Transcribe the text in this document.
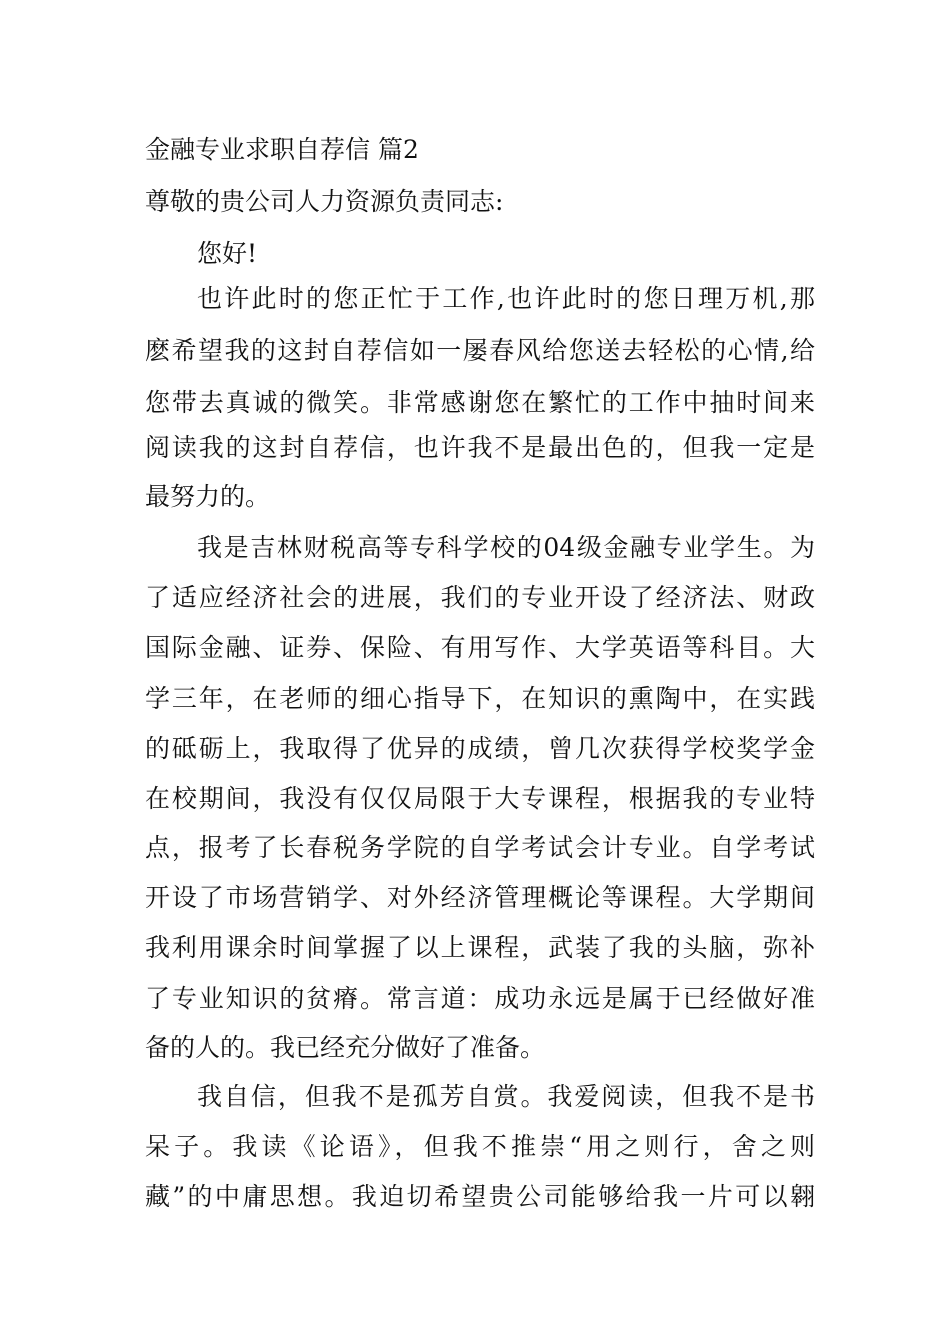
金融专业求职自荐信 篇2
尊敬的贵公司人力资源负责同志:
您好!
也许此时的您正忙于工作,也许此时的您日理万机,那
麽希望我的这封自荐信如一屡春风给您送去轻松的心情,给
您带去真诚的微笑。非常感谢您在繁忙的工作中抽时间来
阅读我的这封自荐信，也许我不是最出色的，但我一定是
最努力的。
我是吉林财税高等专科学校的04级金融专业学生。为
了适应经济社会的进展，我们的专业开设了经济法、财政
国际金融、证券、保险、有用写作、大学英语等科目。大
学三年，在老师的细心指导下，在知识的熏陶中，在实践
的砥砺上，我取得了优异的成绩，曾几次获得学校奖学金
在校期间，我没有仅仅局限于大专课程，根据我的专业特
点，报考了长春税务学院的自学考试会计专业。自学考试
开设了市场营销学、对外经济管理概论等课程。大学期间
我利用课余时间掌握了以上课程，武装了我的头脑，弥补
了专业知识的贫瘠。常言道：成功永远是属于已经做好准
备的人的。我已经充分做好了准备。
我自信，但我不是孤芳自赏。我爱阅读，但我不是书
呆子。我读《论语》，但我不推崇“用之则行，舍之则
藏”的中庸思想。我迫切希望贵公司能够给我一片可以翱
